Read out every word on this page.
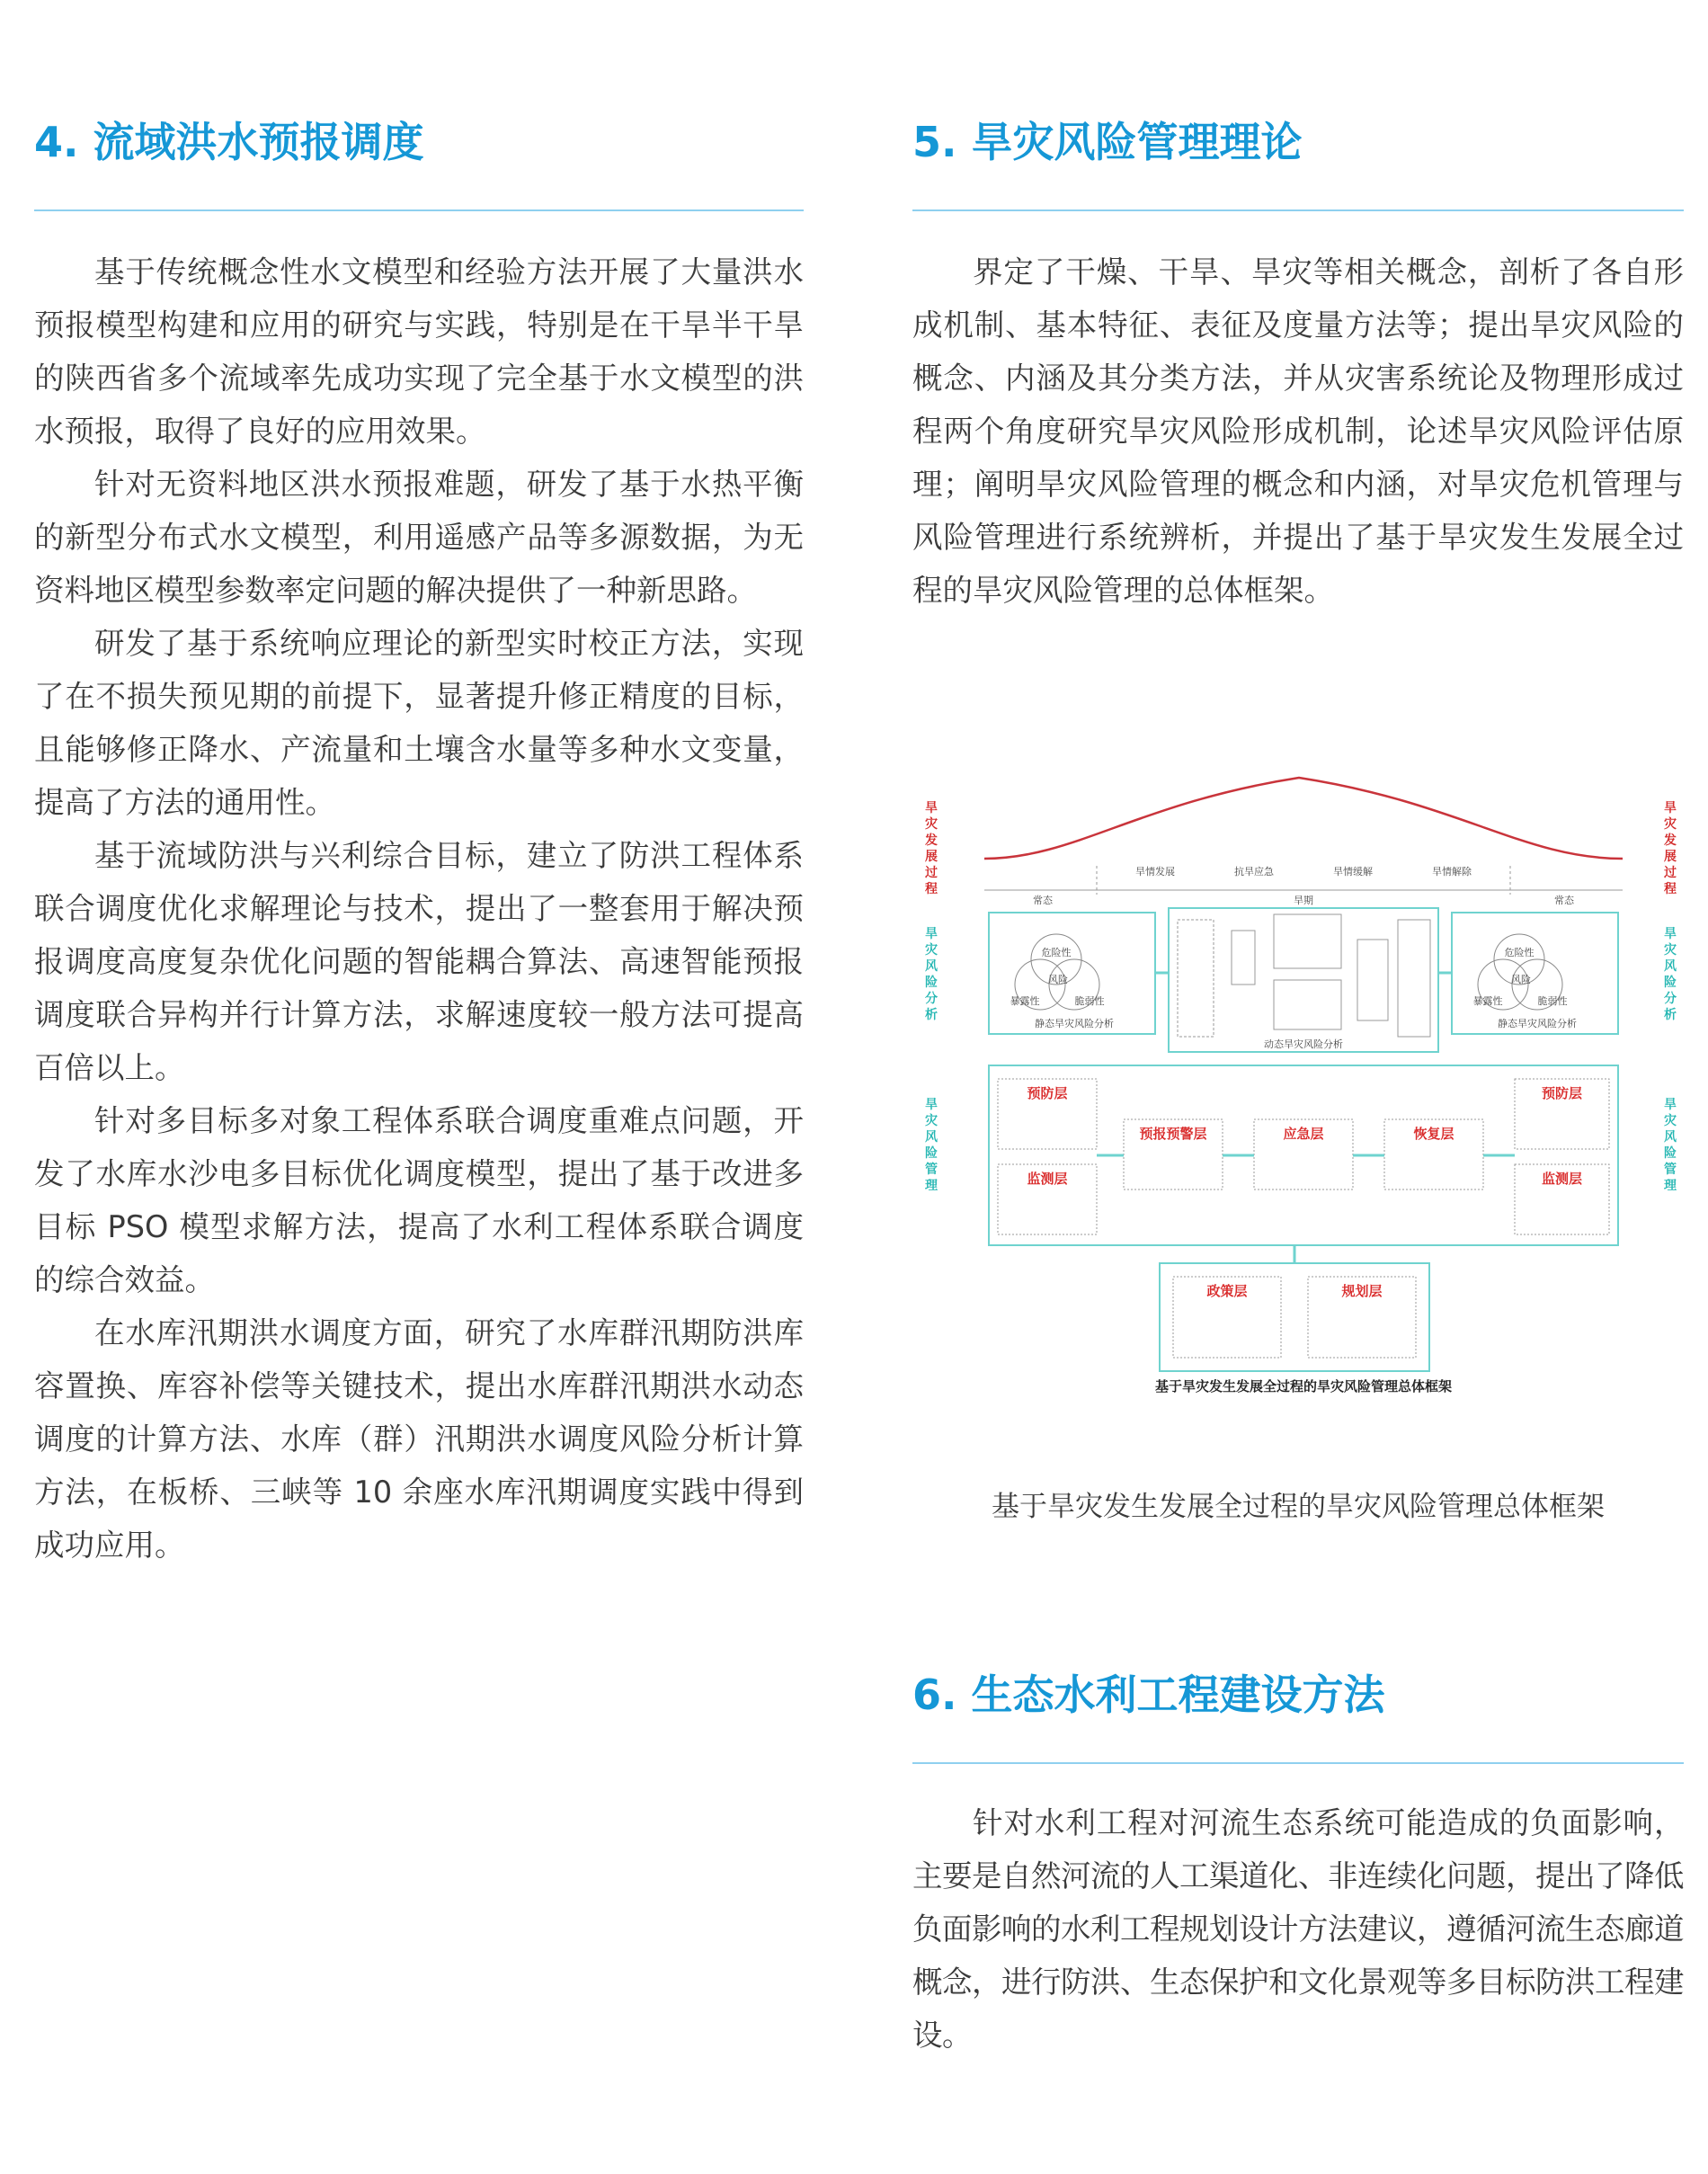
4. 流域洪水预报调度

基于传统概念性水文模型和经验方法开展了大量洪水预报模型构建和应用的研究与实践，特别是在干旱半干旱的陕西省多个流域率先成功实现了完全基于水文模型的洪水预报，取得了良好的应用效果。

针对无资料地区洪水预报难题，研发了基于水热平衡的新型分布式水文模型，利用遥感产品等多源数据，为无资料地区模型参数率定问题的解决提供了一种新思路。

研发了基于系统响应理论的新型实时校正方法，实现了在不损失预见期的前提下，显著提升修正精度的目标，且能够修正降水、产流量和土壤含水量等多种水文变量，提高了方法的通用性。

基于流域防洪与兴利综合目标，建立了防洪工程体系联合调度优化求解理论与技术，提出了一整套用于解决预报调度高度复杂优化问题的智能耦合算法、高速智能预报调度联合异构并行计算方法，求解速度较一般方法可提高百倍以上。

针对多目标多对象工程体系联合调度重难点问题，开发了水库水沙电多目标优化调度模型，提出了基于改进多目标 PSO 模型求解方法，提高了水利工程体系联合调度的综合效益。

在水库汛期洪水调度方面，研究了水库群汛期防洪库容置换、库容补偿等关键技术，提出水库群汛期洪水动态调度的计算方法、水库（群）汛期洪水调度风险分析计算方法，在板桥、三峡等 10 余座水库汛期调度实践中得到成功应用。

5. 旱灾风险管理理论

界定了干燥、干旱、旱灾等相关概念，剖析了各自形成机制、基本特征、表征及度量方法等；提出旱灾风险的概念、内涵及其分类方法，并从灾害系统论及物理形成过程两个角度研究旱灾风险形成机制，论述旱灾风险评估原理；阐明旱灾风险管理的概念和内涵，对旱灾危机管理与风险管理进行系统辨析，并提出了基于旱灾发生发展全过程的旱灾风险管理的总体框架。

旱灾发展过程
旱灾发展过程
旱灾风险分析
旱灾风险分析
旱灾风险管理
旱灾风险管理
旱情发展	抗旱应急	旱情缓解	旱情解除
常态	旱期	常态
危险性
暴露性	脆弱性
风险
危险性
暴露性	脆弱性
风险
静态旱灾风险分析	静态旱灾风险分析
动态旱灾风险分析
预防层
监测层
预报预警层	应急层	恢复层
预防层
监测层
政策层	规划层
基于旱灾发生发展全过程的旱灾风险管理总体框架
基于旱灾发生发展全过程的旱灾风险管理总体框架
6. 生态水利工程建设方法

针对水利工程对河流生态系统可能造成的负面影响，主要是自然河流的人工渠道化、非连续化问题，提出了降低负面影响的水利工程规划设计方法建议，遵循河流生态廊道概念，进行防洪、生态保护和文化景观等多目标防洪工程建设。
